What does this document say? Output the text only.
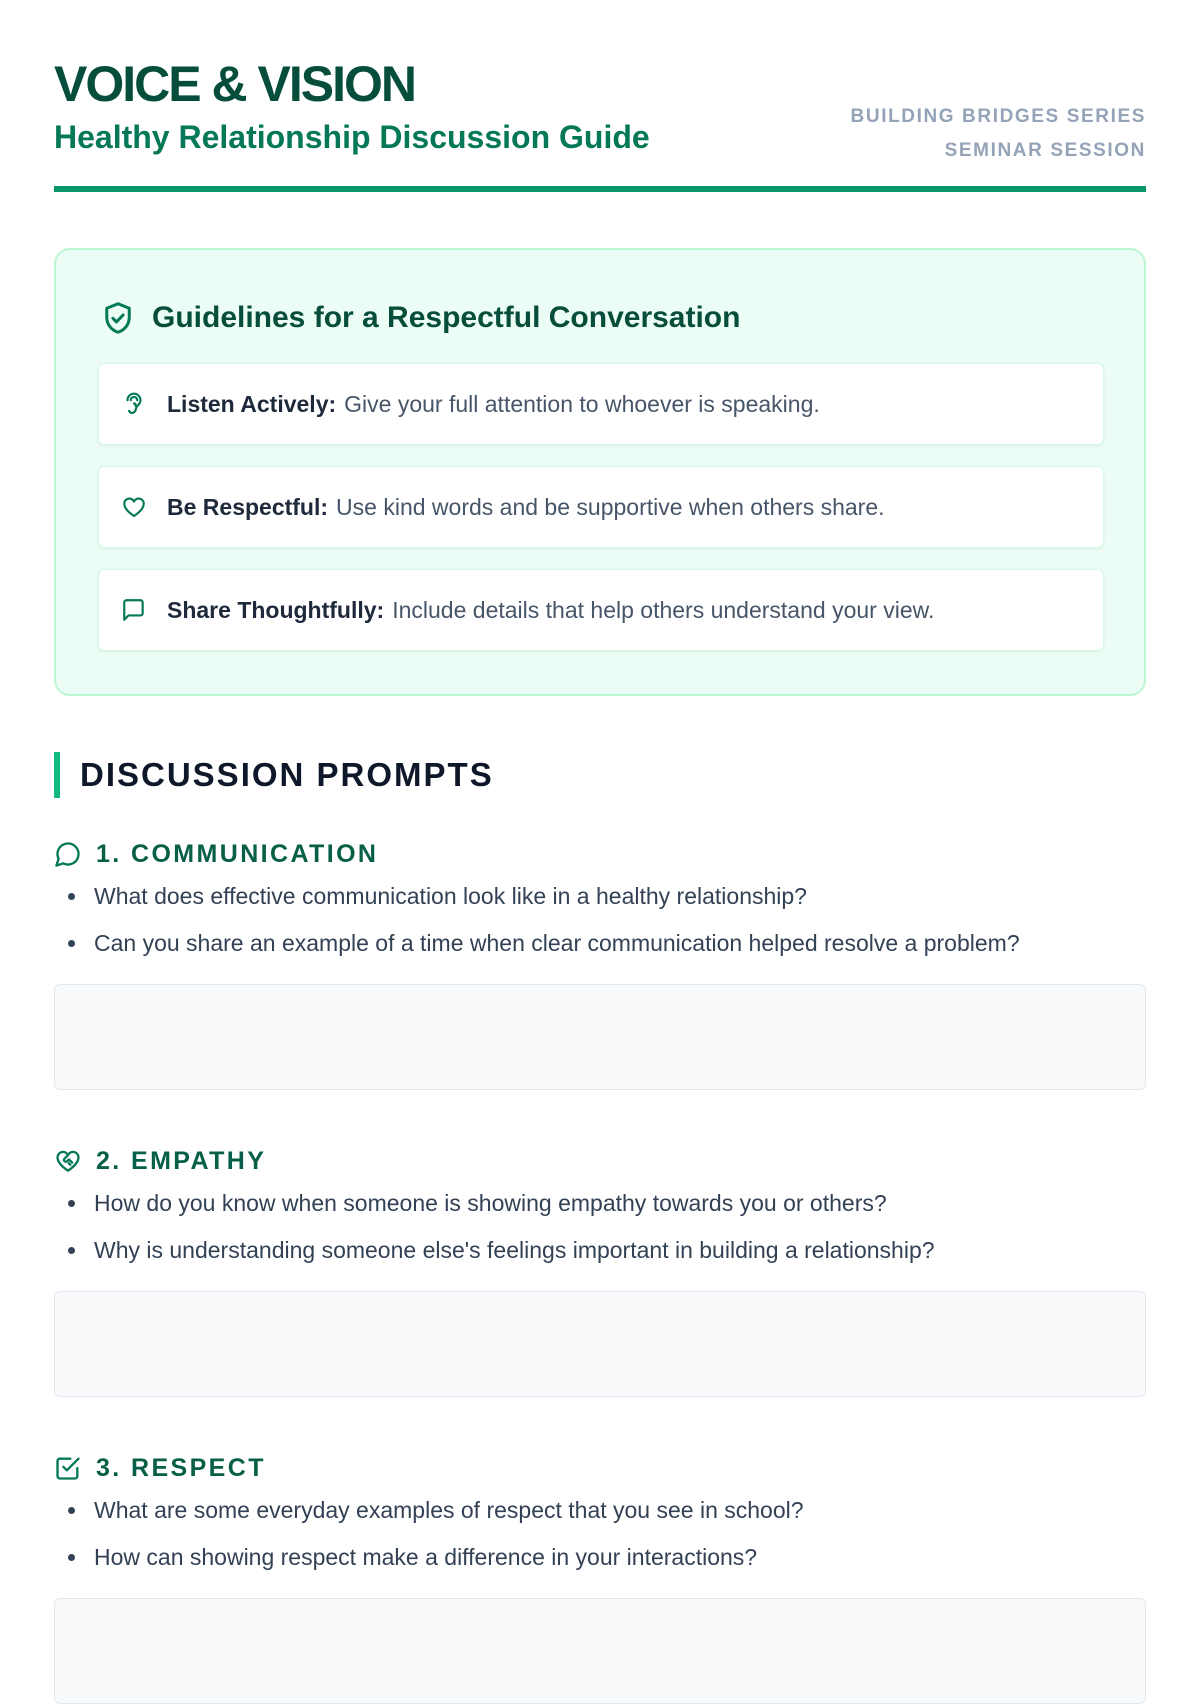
VOICE & VISION
Healthy Relationship Discussion Guide
BUILDING BRIDGES SERIES
SEMINAR SESSION
Guidelines for a Respectful Conversation
Listen Actively: Give your full attention to whoever is speaking.
Be Respectful: Use kind words and be supportive when others share.
Share Thoughtfully: Include details that help others understand your view.
DISCUSSION PROMPTS
1. COMMUNICATION
What does effective communication look like in a healthy relationship?
Can you share an example of a time when clear communication helped resolve a problem?
2. EMPATHY
How do you know when someone is showing empathy towards you or others?
Why is understanding someone else's feelings important in building a relationship?
3. RESPECT
What are some everyday examples of respect that you see in school?
How can showing respect make a difference in your interactions?
